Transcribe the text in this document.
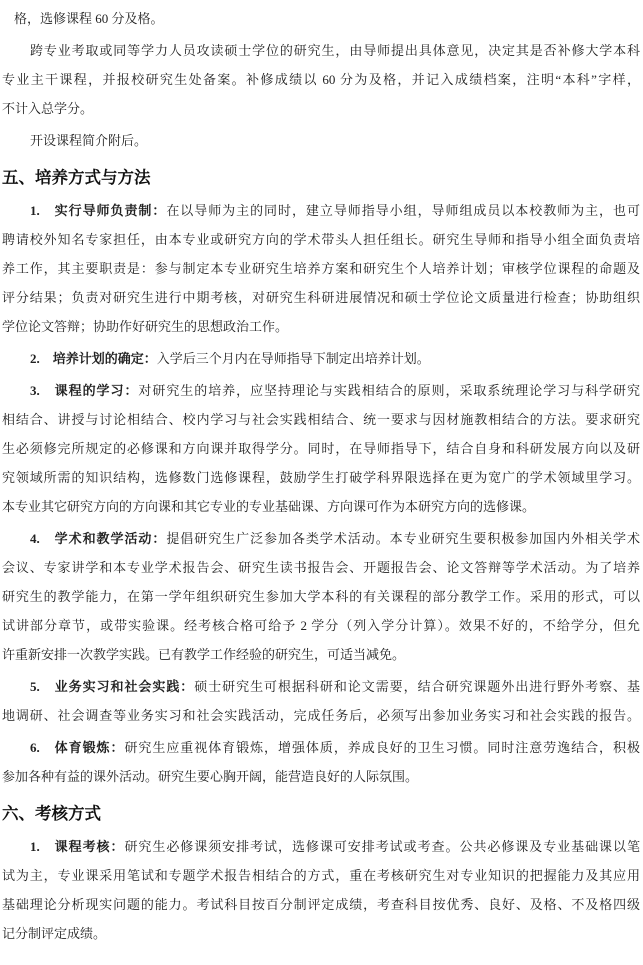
格，选修课程 60 分及格。
跨专业考取或同等学力人员攻读硕士学位的研究生，由导师提出具体意见，决定其是否补修大学本科
专业主干课程，并报校研究生处备案。补修成绩以 60 分为及格，并记入成绩档案，注明“本科”字样，
不计入总学分。
开设课程简介附后。
五、培养方式与方法
1.　实行导师负责制：在以导师为主的同时，建立导师指导小组，导师组成员以本校教师为主，也可
聘请校外知名专家担任，由本专业或研究方向的学术带头人担任组长。研究生导师和指导小组全面负责培
养工作，其主要职责是：参与制定本专业研究生培养方案和研究生个人培养计划；审核学位课程的命题及
评分结果；负责对研究生进行中期考核，对研究生科研进展情况和硕士学位论文质量进行检查；协助组织
学位论文答辩；协助作好研究生的思想政治工作。
2.　培养计划的确定：入学后三个月内在导师指导下制定出培养计划。
3.　课程的学习：对研究生的培养，应坚持理论与实践相结合的原则，采取系统理论学习与科学研究
相结合、讲授与讨论相结合、校内学习与社会实践相结合、统一要求与因材施教相结合的方法。要求研究
生必须修完所规定的必修课和方向课并取得学分。同时，在导师指导下，结合自身和科研发展方向以及研
究领域所需的知识结构，选修数门选修课程，鼓励学生打破学科界限选择在更为宽广的学术领域里学习。
本专业其它研究方向的方向课和其它专业的专业基础课、方向课可作为本研究方向的选修课。
4.　学术和教学活动：提倡研究生广泛参加各类学术活动。本专业研究生要积极参加国内外相关学术
会议、专家讲学和本专业学术报告会、研究生读书报告会、开题报告会、论文答辩等学术活动。为了培养
研究生的教学能力，在第一学年组织研究生参加大学本科的有关课程的部分教学工作。采用的形式，可以
试讲部分章节，或带实验课。经考核合格可给予 2 学分（列入学分计算）。效果不好的，不给学分，但允
许重新安排一次教学实践。已有教学工作经验的研究生，可适当减免。
5.　业务实习和社会实践：硕士研究生可根据科研和论文需要，结合研究课题外出进行野外考察、基
地调研、社会调查等业务实习和社会实践活动，完成任务后，必须写出参加业务实习和社会实践的报告。
6.　体育锻炼：研究生应重视体育锻炼，增强体质，养成良好的卫生习惯。同时注意劳逸结合，积极
参加各种有益的课外活动。研究生要心胸开阔，能营造良好的人际氛围。
六、考核方式
1.　课程考核：研究生必修课须安排考试，选修课可安排考试或考查。公共必修课及专业基础课以笔
试为主，专业课采用笔试和专题学术报告相结合的方式，重在考核研究生对专业知识的把握能力及其应用
基础理论分析现实问题的能力。考试科目按百分制评定成绩，考查科目按优秀、良好、及格、不及格四级
记分制评定成绩。
